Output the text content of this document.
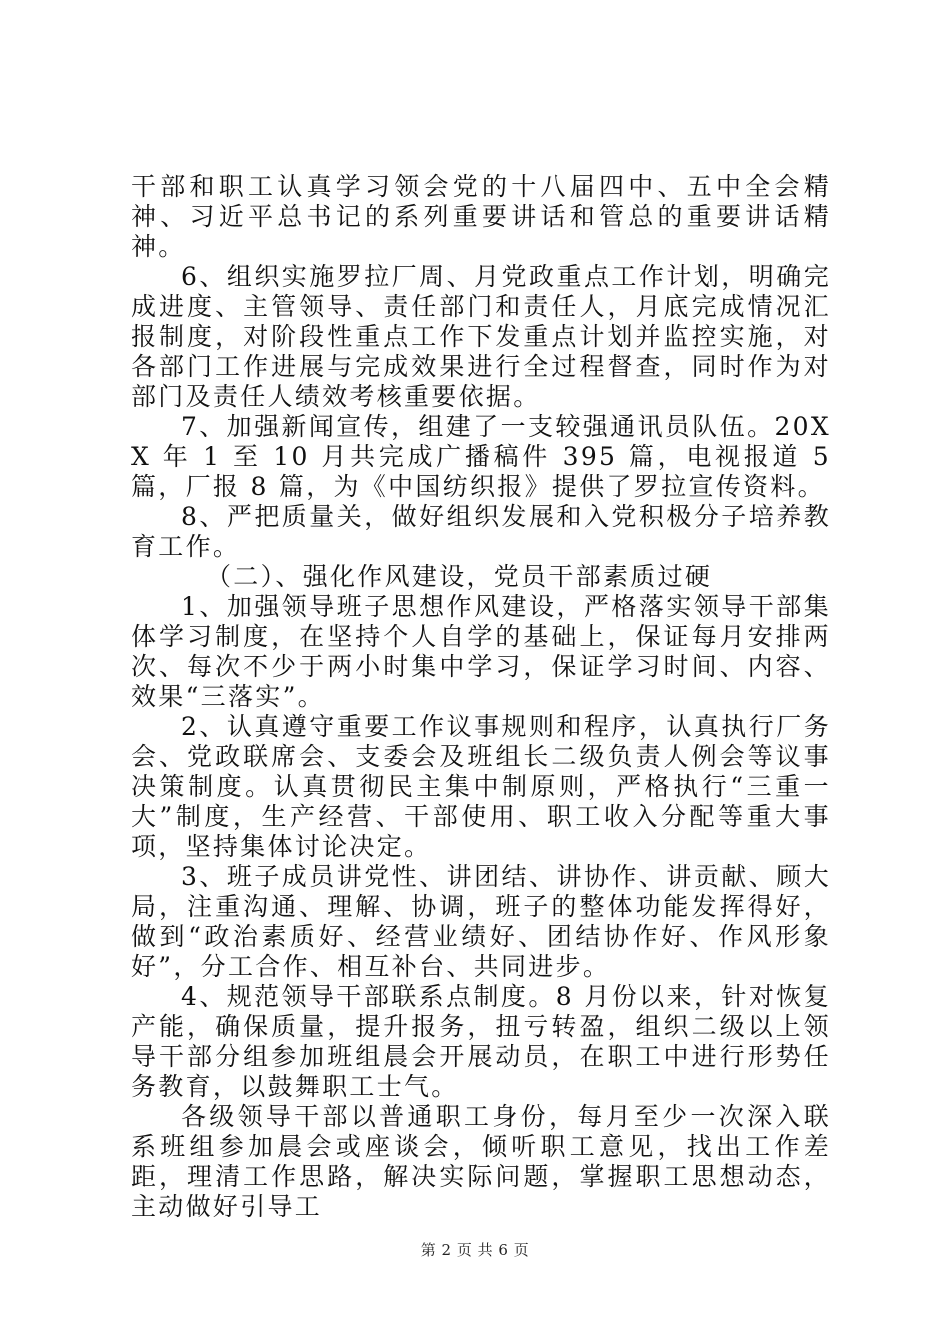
干部和职工认真学习领会党的十八届四中、五中全会精神、习近平总书记的系列重要讲话和管总的重要讲话精神。

6、组织实施罗拉厂周、月党政重点工作计划，明确完成进度、主管领导、责任部门和责任人，月底完成情况汇报制度，对阶段性重点工作下发重点计划并监控实施，对各部门工作进展与完成效果进行全过程督查，同时作为对部门及责任人绩效考核重要依据。

7、加强新闻宣传，组建了一支较强通讯员队伍。20XX 年 1 至 10 月共完成广播稿件 395 篇，电视报道 5 篇，厂报 8 篇，为《中国纺织报》提供了罗拉宣传资料。

8、严把质量关，做好组织发展和入党积极分子培养教育工作。

（二）、强化作风建设，党员干部素质过硬

1、加强领导班子思想作风建设，严格落实领导干部集体学习制度，在坚持个人自学的基础上，保证每月安排两次、每次不少于两小时集中学习，保证学习时间、内容、效果“三落实”。

2、认真遵守重要工作议事规则和程序，认真执行厂务会、党政联席会、支委会及班组长二级负责人例会等议事决策制度。认真贯彻民主集中制原则，严格执行“三重一大”制度，生产经营、干部使用、职工收入分配等重大事项，坚持集体讨论决定。

3、班子成员讲党性、讲团结、讲协作、讲贡献、顾大局，注重沟通、理解、协调，班子的整体功能发挥得好，做到“政治素质好、经营业绩好、团结协作好、作风形象好”，分工合作、相互补台、共同进步。

4、规范领导干部联系点制度。8 月份以来，针对恢复产能，确保质量，提升报务，扭亏转盈，组织二级以上领导干部分组参加班组晨会开展动员，在职工中进行形势任务教育，以鼓舞职工士气。

各级领导干部以普通职工身份，每月至少一次深入联系班组参加晨会或座谈会，倾听职工意见，找出工作差距，理清工作思路，解决实际问题，掌握职工思想动态，主动做好引导工

第 2 页 共 6 页
